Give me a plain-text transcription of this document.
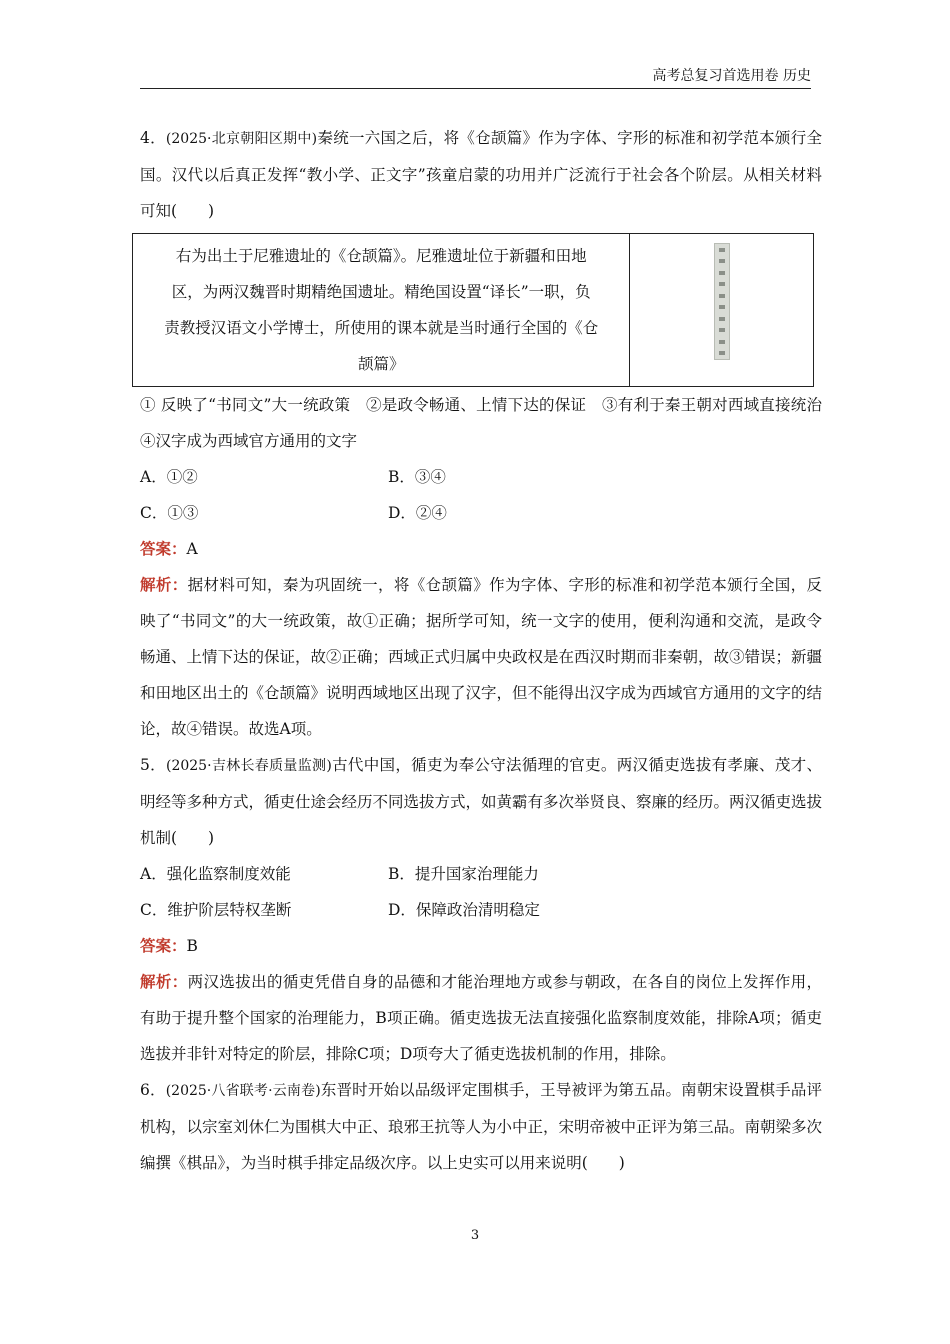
高考总复习首选用卷 历史

4．(2025·北京朝阳区期中)秦统一六国之后，将《仓颉篇》作为字体、字形的标准和初学范本颁行全国。汉代以后真正发挥“教小学、正文字”孩童启蒙的功用并广泛流行于社会各个阶层。从相关材料可知(　　)

右为出土于尼雅遗址的《仓颉篇》。尼雅遗址位于新疆和田地
区，为两汉魏晋时期精绝国遗址。精绝国设置“译长”一职，负
责教授汉语文小学博士，所使用的课本就是当时通行全国的《仓
颉篇》

① 反映了“书同文”大一统政策　②是政令畅通、上情下达的保证　③有利于秦王朝对西域直接统治　④汉字成为西域官方通用的文字

A．①②	B．③④
C．①③	D．②④

答案：A

解析：据材料可知，秦为巩固统一，将《仓颉篇》作为字体、字形的标准和初学范本颁行全国，反映了“书同文”的大一统政策，故①正确；据所学可知，统一文字的使用，便利沟通和交流，是政令畅通、上情下达的保证，故②正确；西域正式归属中央政权是在西汉时期而非秦朝，故③错误；新疆和田地区出土的《仓颉篇》说明西域地区出现了汉字，但不能得出汉字成为西域官方通用的文字的结论，故④错误。故选A项。

5．(2025·吉林长春质量监测)古代中国，循吏为奉公守法循理的官吏。两汉循吏选拔有孝廉、茂才、明经等多种方式，循吏仕途会经历不同选拔方式，如黄霸有多次举贤良、察廉的经历。两汉循吏选拔机制(　　)

A．强化监察制度效能	B．提升国家治理能力
C．维护阶层特权垄断	D．保障政治清明稳定

答案：B

解析：两汉选拔出的循吏凭借自身的品德和才能治理地方或参与朝政，在各自的岗位上发挥作用，有助于提升整个国家的治理能力，B项正确。循吏选拔无法直接强化监察制度效能，排除A项；循吏选拔并非针对特定的阶层，排除C项；D项夸大了循吏选拔机制的作用，排除。

6．(2025·八省联考·云南卷)东晋时开始以品级评定围棋手，王导被评为第五品。南朝宋设置棋手品评机构，以宗室刘休仁为围棋大中正、琅邪王抗等人为小中正，宋明帝被中正评为第三品。南朝梁多次编撰《棋品》，为当时棋手排定品级次序。以上史实可以用来说明(　　)

3
